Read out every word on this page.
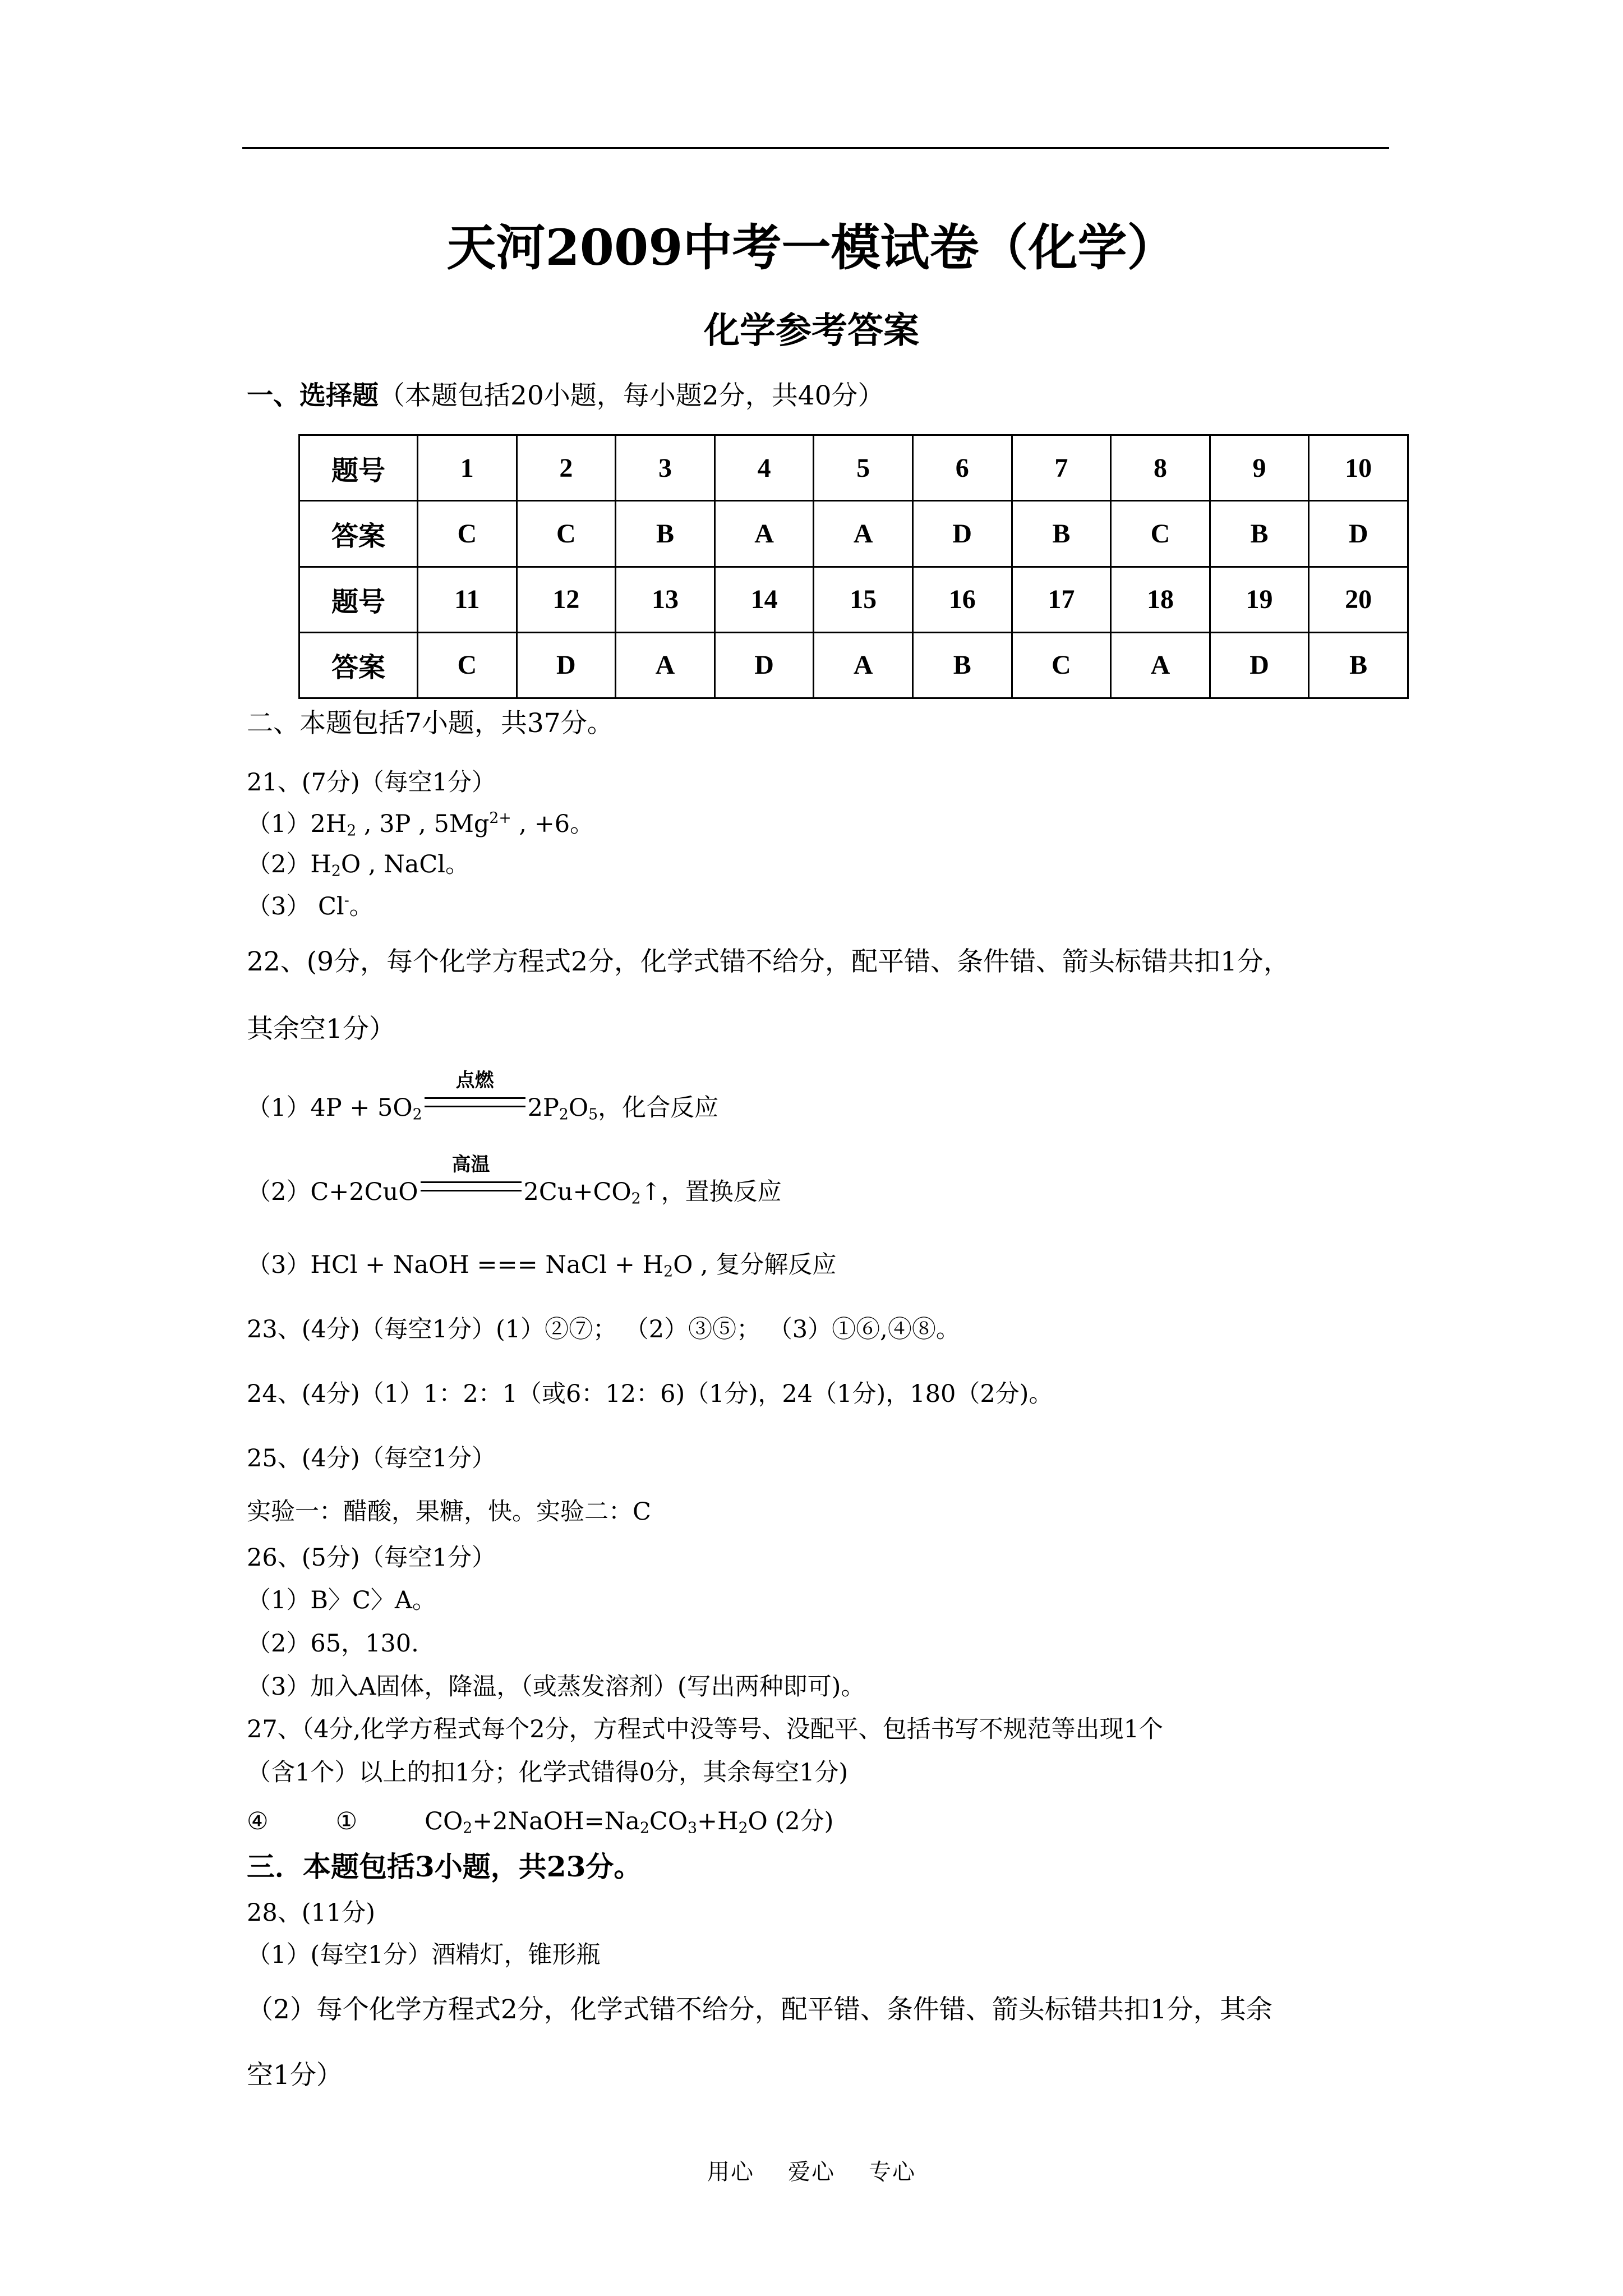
天河2009中考一模试卷（化学）
化学参考答案
一、选择题（本题包括20小题，每小题2分，共40分）
题号	1	2	3	4	5	6	7	8	9	10
答案	C	C	B	A	A	D	B	C	B	D
题号	11	12	13	14	15	16	17	18	19	20
答案	C	D	A	D	A	B	C	A	D	B
二、本题包括7小题，共37分。
21、(7分)（每空1分）
$(1)2H_2$ , 3P , $5Mg^{2+}$ , +6。
$(2)H_2O$ , NaCl。
（3） Cl-。
22、(9分，每个化学方程式2分，化学式错不给分，配平错、条件错、箭头标错共扣1分，
其余空1分）
$(1)4P + 5O_2$
点燃
$2P_2O_5$，化合反应
（2）C+2CuO
高温
$2Cu+CO_2↑$，置换反应
（3）HCl + NaOH === NaCl + $H_2O$ , 复分解反应
23、(4分)（每空1分）(1）②⑦； （2）③⑤； （3）①⑥,④⑧。
24、(4分)（1）1：2：1（或6：12：6)（1分)，24（1分)，180（2分)。
25、(4分)（每空1分）
实验一：醋酸，果糖，快。实验二：C
26、(5分)（每空1分）
（1）B〉C〉A。
（2）65，130.
（3）加入A固体，降温，（或蒸发溶剂）(写出两种即可)。
27、（4分,化学方程式每个2分，方程式中没等号、没配平、包括书写不规范等出现1个
（含1个）以上的扣1分；化学式错得0分，其余每空1分)
④	①	$CO_2+2NaOH=Na_2CO_3+H_2O$ (2分)
三．本题包括3小题，共23分。
28、(11分)
（1）(每空1分）酒精灯，锥形瓶
（2）每个化学方程式2分，化学式错不给分，配平错、条件错、箭头标错共扣1分，其余
空1分）
用心 爱心 专心
